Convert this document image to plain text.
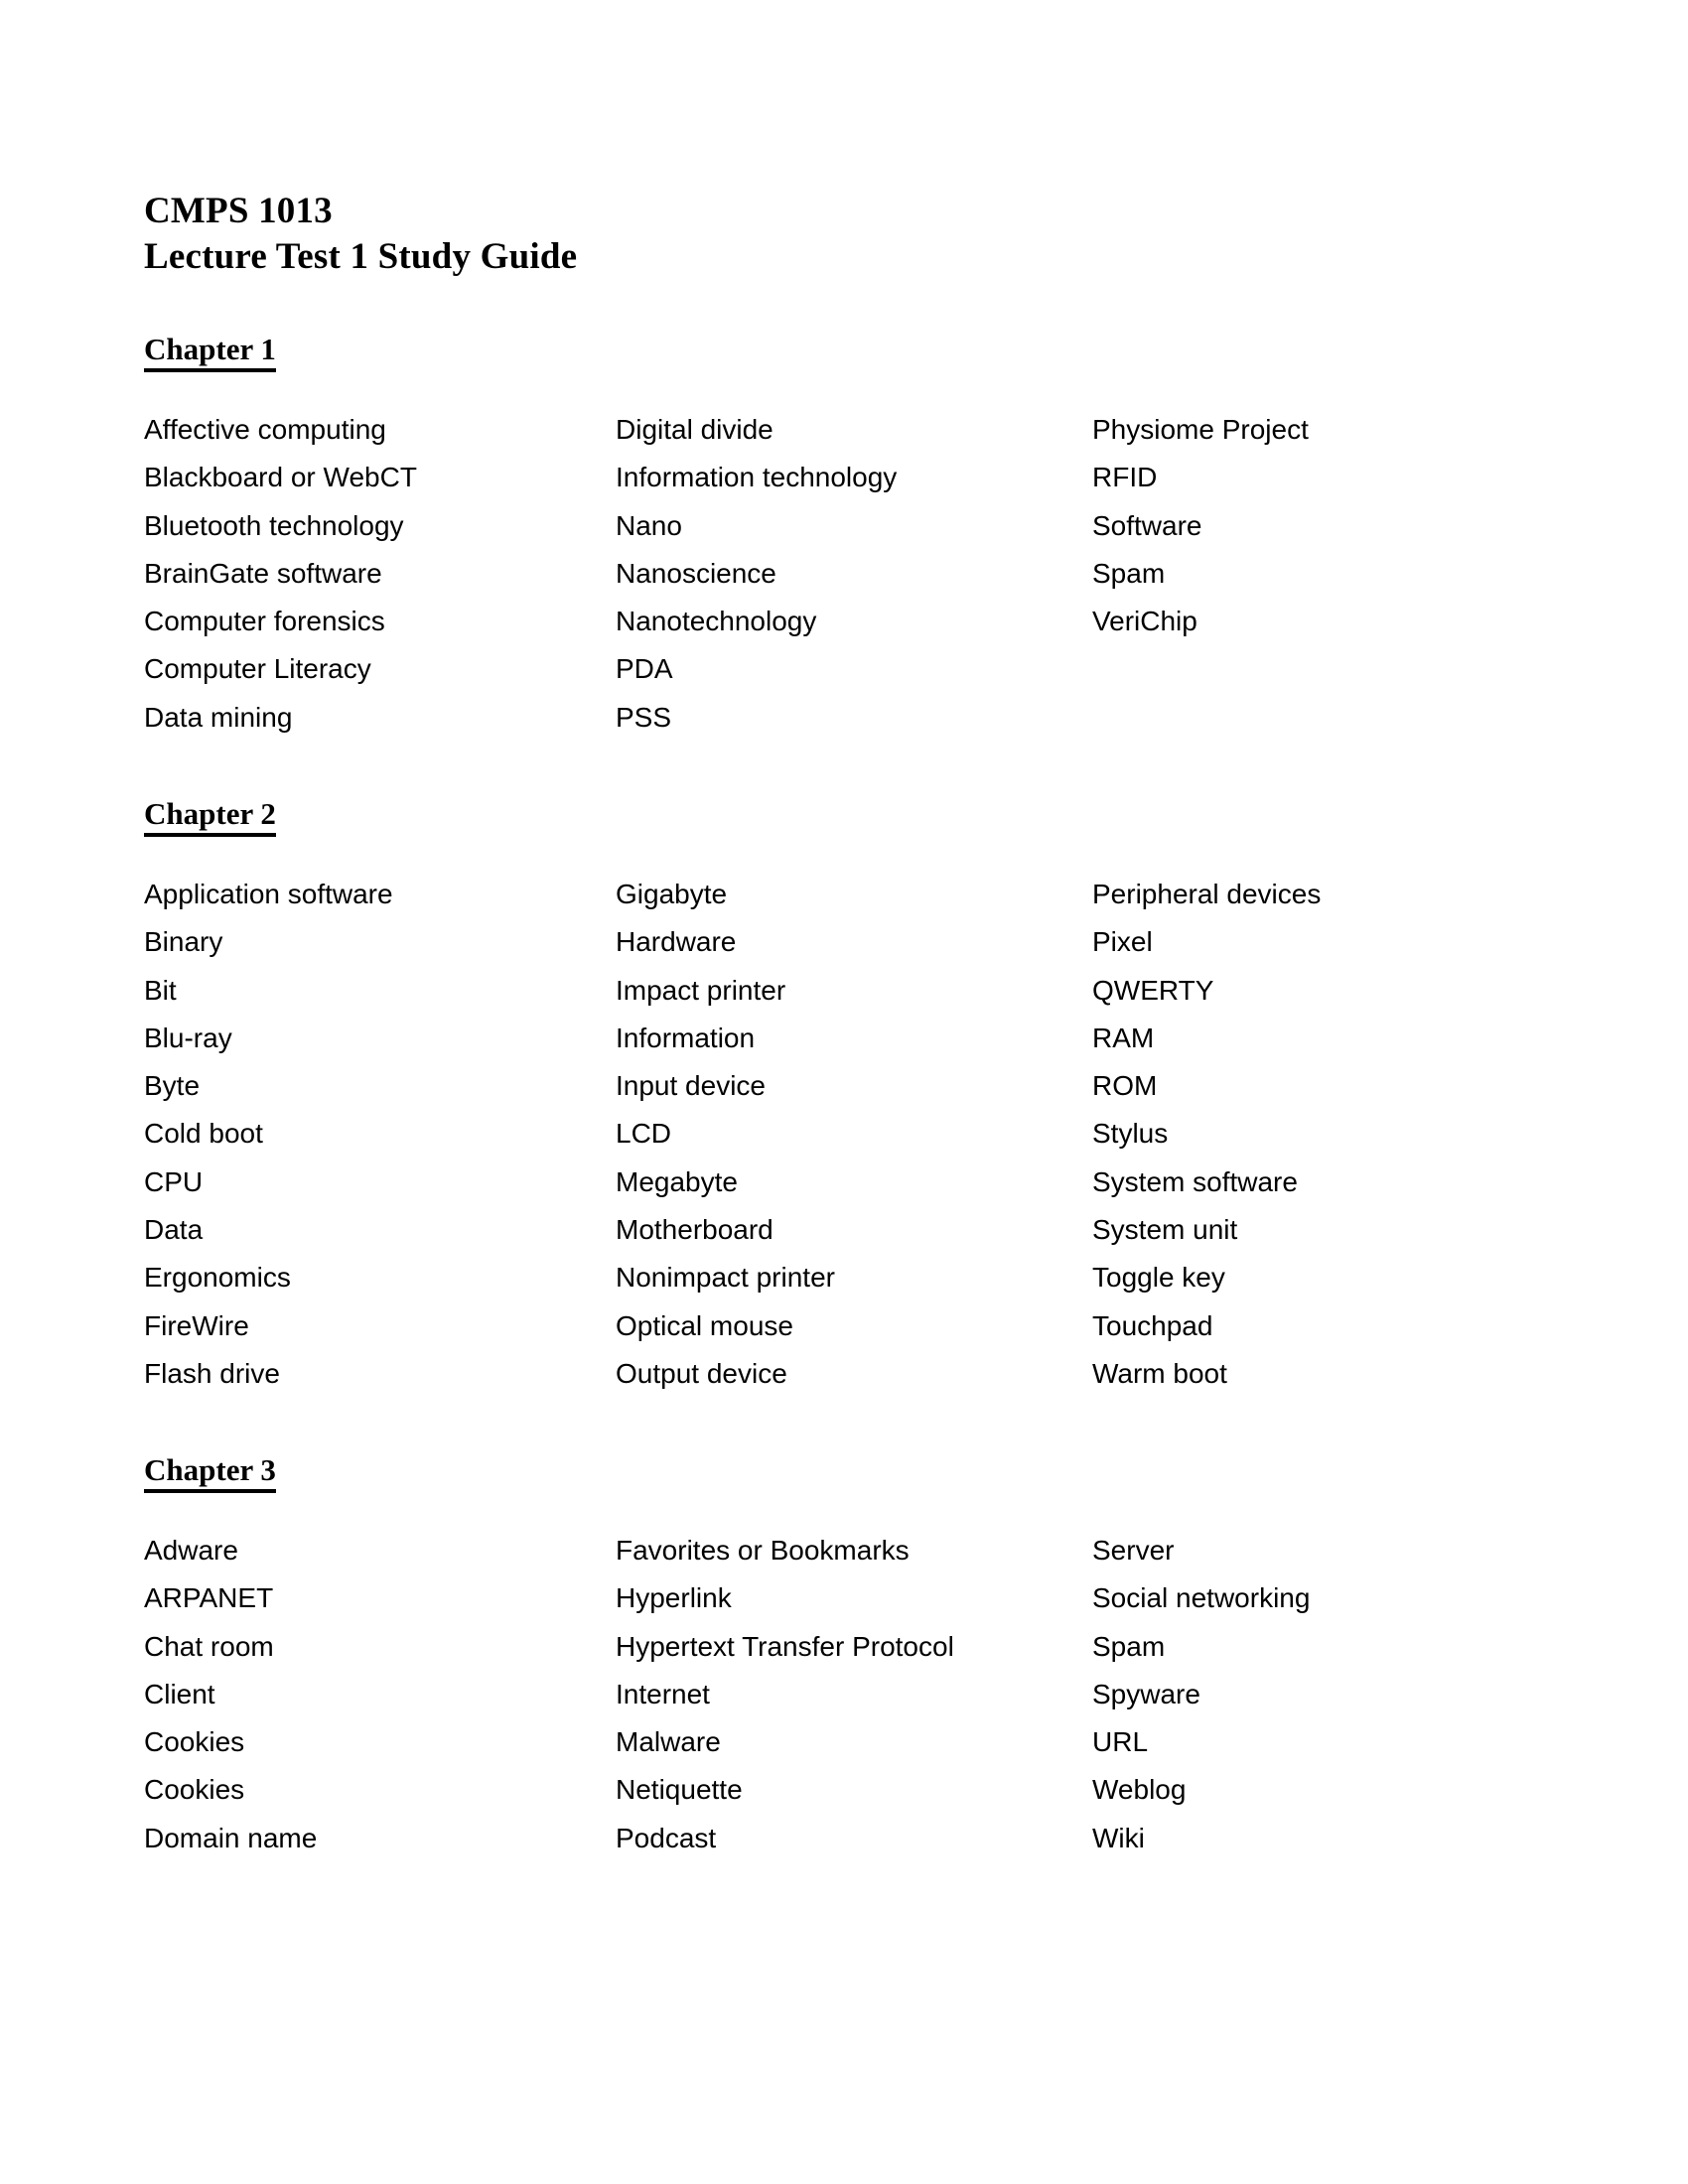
CMPS 1013
Lecture Test 1 Study Guide
Chapter 1
Affective computing
Blackboard or WebCT
Bluetooth technology
BrainGate software
Computer forensics
Computer Literacy
Data mining
Digital divide
Information technology
Nano
Nanoscience
Nanotechnology
PDA
PSS
Physiome Project
RFID
Software
Spam
VeriChip
Chapter 2
Application software
Binary
Bit
Blu-ray
Byte
Cold boot
CPU
Data
Ergonomics
FireWire
Flash drive
Gigabyte
Hardware
Impact printer
Information
Input device
LCD
Megabyte
Motherboard
Nonimpact printer
Optical mouse
Output device
Peripheral devices
Pixel
QWERTY
RAM
ROM
Stylus
System software
System unit
Toggle key
Touchpad
Warm boot
Chapter 3
Adware
ARPANET
Chat room
Client
Cookies
Cookies
Domain name
Favorites or Bookmarks
Hyperlink
Hypertext Transfer Protocol
Internet
Malware
Netiquette
Podcast
Server
Social networking
Spam
Spyware
URL
Weblog
Wiki
